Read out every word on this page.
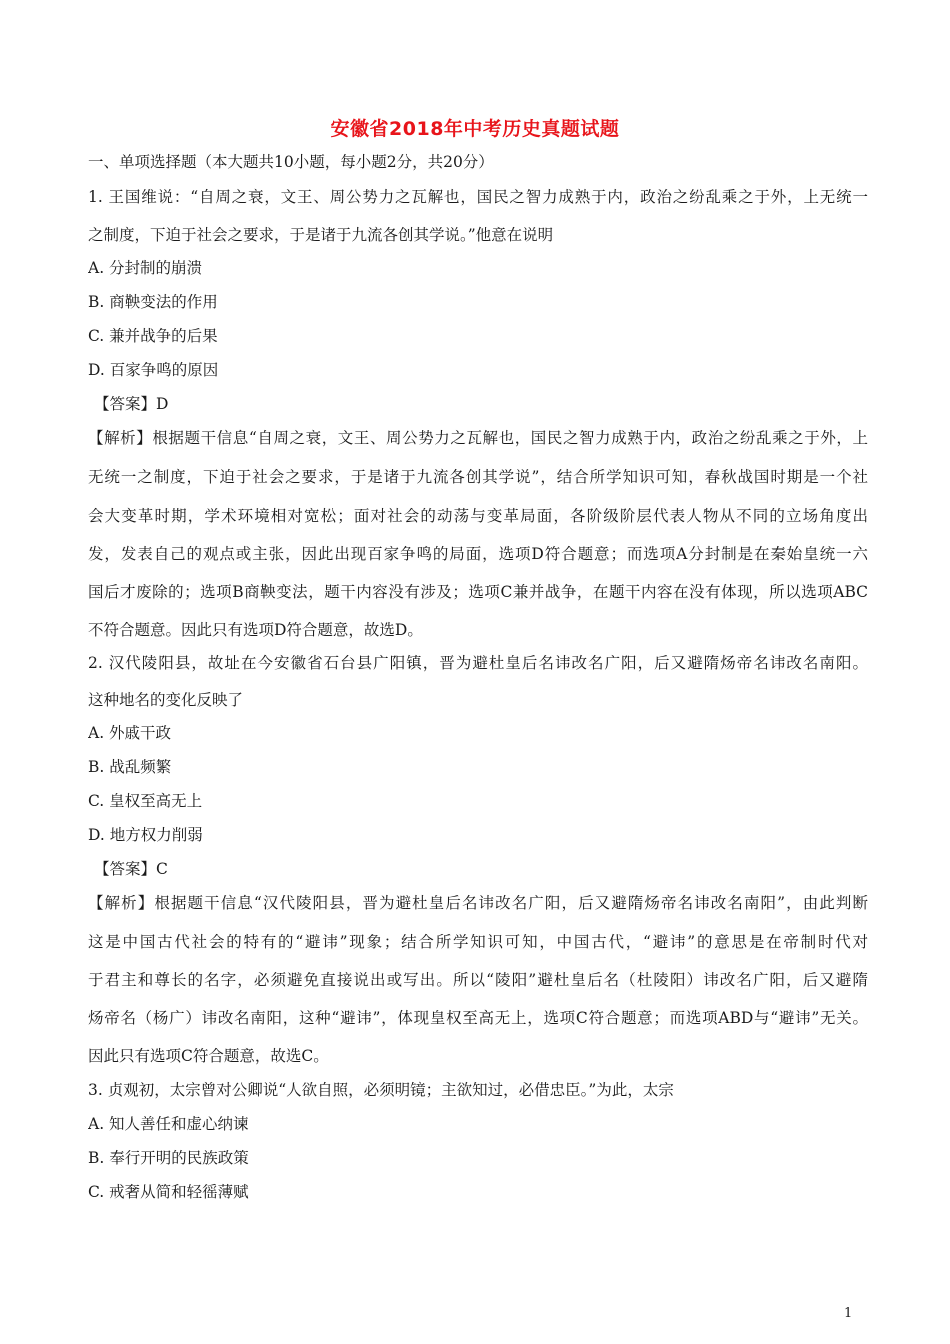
安徽省2018年中考历史真题试题
一、单项选择题（本大题共10小题，每小题2分，共20分）
1. 王国维说：“自周之衰，文王、周公势力之瓦解也，国民之智力成熟于内，政治之纷乱乘之于外，上无统一
之制度，下迫于社会之要求，于是诸于九流各创其学说。”他意在说明
A. 分封制的崩溃
B. 商鞅变法的作用
C. 兼并战争的后果
D. 百家争鸣的原因
【答案】D
【解析】根据题干信息“自周之衰，文王、周公势力之瓦解也，国民之智力成熟于内，政治之纷乱乘之于外，上
无统一之制度，下迫于社会之要求，于是诸于九流各创其学说”，结合所学知识可知，春秋战国时期是一个社
会大变革时期，学术环境相对宽松；面对社会的动荡与变革局面，各阶级阶层代表人物从不同的立场角度出
发，发表自己的观点或主张，因此出现百家争鸣的局面，选项D符合题意；而选项A分封制是在秦始皇统一六
国后才废除的；选项B商鞅变法，题干内容没有涉及；选项C兼并战争，在题干内容在没有体现，所以选项ABC
不符合题意。因此只有选项D符合题意，故选D。
2. 汉代陵阳县，故址在今安徽省石台县广阳镇，晋为避杜皇后名讳改名广阳，后又避隋炀帝名讳改名南阳。
这种地名的变化反映了
A. 外戚干政
B. 战乱频繁
C. 皇权至高无上
D. 地方权力削弱
【答案】C
【解析】根据题干信息“汉代陵阳县，晋为避杜皇后名讳改名广阳，后又避隋炀帝名讳改名南阳”，由此判断
这是中国古代社会的特有的“避讳”现象；结合所学知识可知，中国古代，“避讳”的意思是在帝制时代对
于君主和尊长的名字，必须避免直接说出或写出。所以“陵阳”避杜皇后名（杜陵阳）讳改名广阳，后又避隋
炀帝名（杨广）讳改名南阳，这种“避讳”，体现皇权至高无上，选项C符合题意；而选项ABD与“避讳”无关。
因此只有选项C符合题意，故选C。
3. 贞观初，太宗曾对公卿说“人欲自照，必须明镜；主欲知过，必借忠臣。”为此，太宗
A. 知人善任和虚心纳谏
B. 奉行开明的民族政策
C. 戒奢从简和轻徭薄赋
1
